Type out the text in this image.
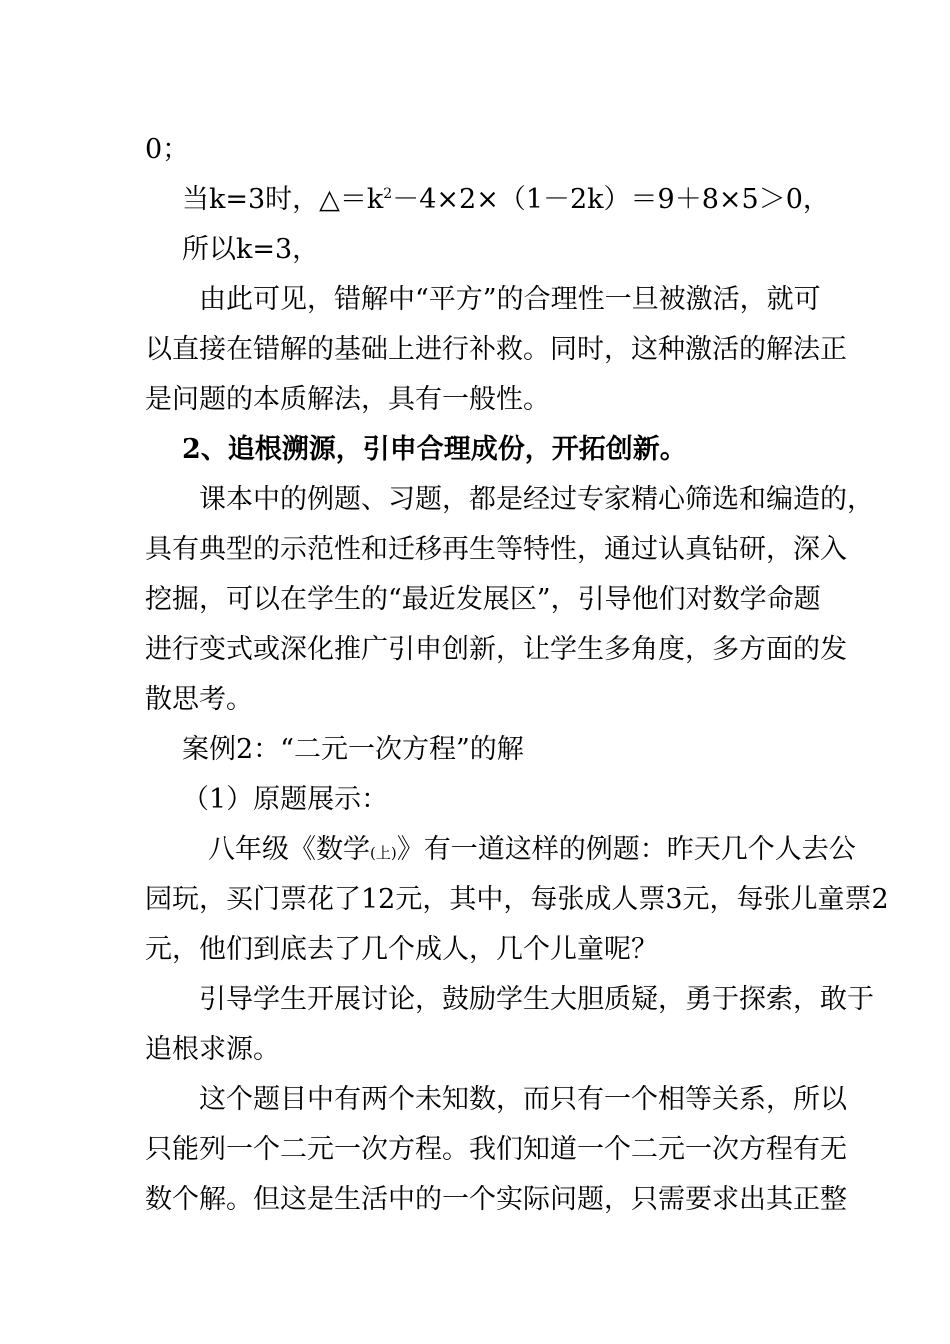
0；

当k=3时，$\triangle=k^2-4\times 2\times(1-2k)=9+8\times 5>0$，

所以k=3，

由此可见，错解中“平方”的合理性一旦被激活，就可

以直接在错解的基础上进行补救。同时，这种激活的解法正

是问题的本质解法，具有一般性。

2、追根溯源，引申合理成份，开拓创新。

课本中的例题、习题，都是经过专家精心筛选和编造的，

具有典型的示范性和迁移再生等特性，通过认真钻研，深入

挖掘，可以在学生的“最近发展区”，引导他们对数学命题

进行变式或深化推广引申创新，让学生多角度，多方面的发

散思考。

案例2：“二元一次方程”的解

（1）原题展示：

八年级《数学(上)》有一道这样的例题：昨天几个人去公

园玩，买门票花了12元，其中，每张成人票3元，每张儿童票2

元，他们到底去了几个成人，几个儿童呢？

引导学生开展讨论，鼓励学生大胆质疑，勇于探索，敢于

追根求源。

这个题目中有两个未知数，而只有一个相等关系，所以

只能列一个二元一次方程。我们知道一个二元一次方程有无

数个解。但这是生活中的一个实际问题，只需要求出其正整
